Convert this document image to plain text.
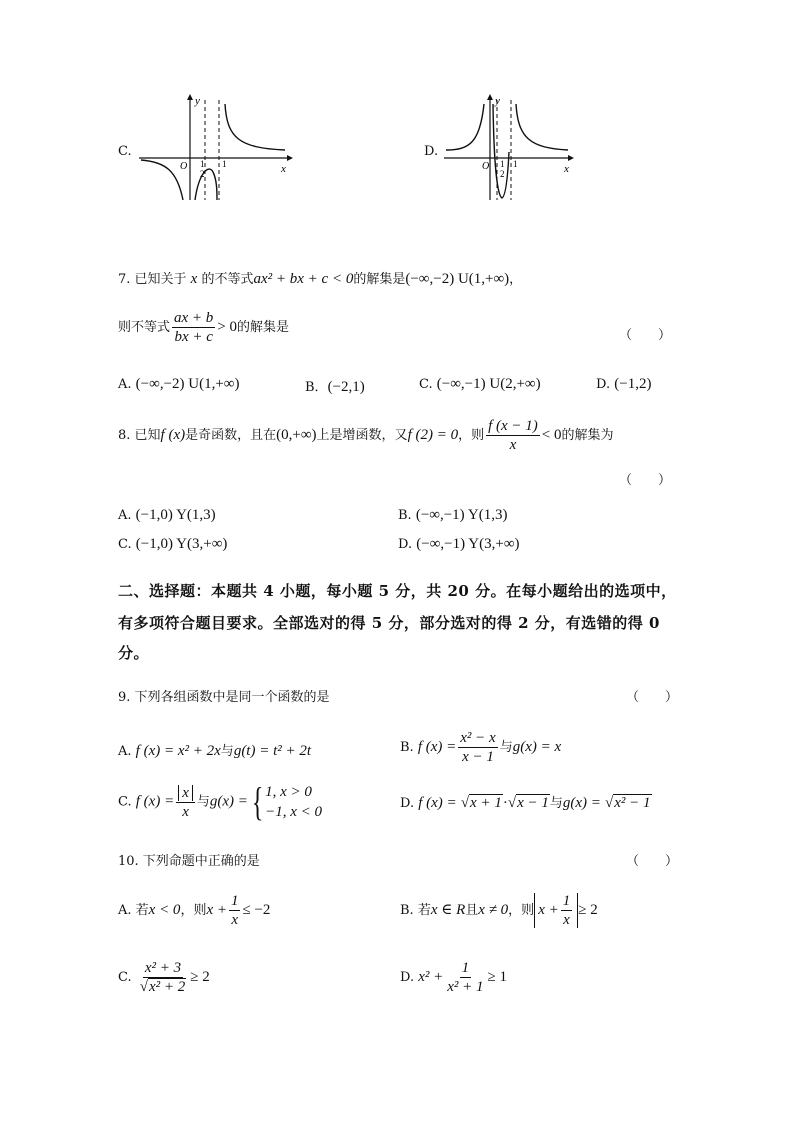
C.
y
x
O 1
2
1
D.
y
x
O 1
2
1
7. 已知关于 x 的不等式ax² + bx + c < 0的解集是(−∞,−2) U(1,+∞)，
则不等式 $\frac{ax + b}{bx + c} > 0$的解集是
（　　）
A. (−∞,−2) U(1,+∞)	B．(−2,1)	C. (−∞,−1) U(2,+∞)	D. (−1,2)
8. 已知f (x)是奇函数，且在(0,+∞)上是增函数，又f (2) = 0，则 $\frac{f (x - 1)}{x} < 0$的解集为
（　　）
A. (−1,0) Y(1,3)	B. (−∞,−1) Y(1,3)
C. (−1,0) Y(3,+∞)	D. (−∞,−1) Y(3,+∞)
二、选择题：本题共 4 小题，每小题 5 分，共 20 分。在每小题给出的选项中，
有多项符合题目要求。全部选对的得 5 分，部分选对的得 2 分，有选错的得 0
分。
9. 下列各组函数中是同一个函数的是	（　　）
A. f (x) = x² + 2x与g(t) = t² + 2t	B. f $(x) = \frac{\text{x² − x}}{x - 1}$ 与g(x) = x
C. f $(x) = \frac{x}{x}$ 与g(x) = { 1, x > 0
−1, x < 0
D. f (x) = √x + 1·√x − 1与g(x) = √x² − 1
10. 下列命题中正确的是	（　　）
A. 若x < 0，则$x + \frac{1}{x} \le -2$	B. 若x ∈ R且x ≠ 0，则 $x + \frac{1}{x} \ge 2$
C. $\frac{\text{x² + 3}}{\text{√x² + 2}} \ge 2$	D. $x^2 + \frac{1}{\text{x² + 1}} \ge 1$
